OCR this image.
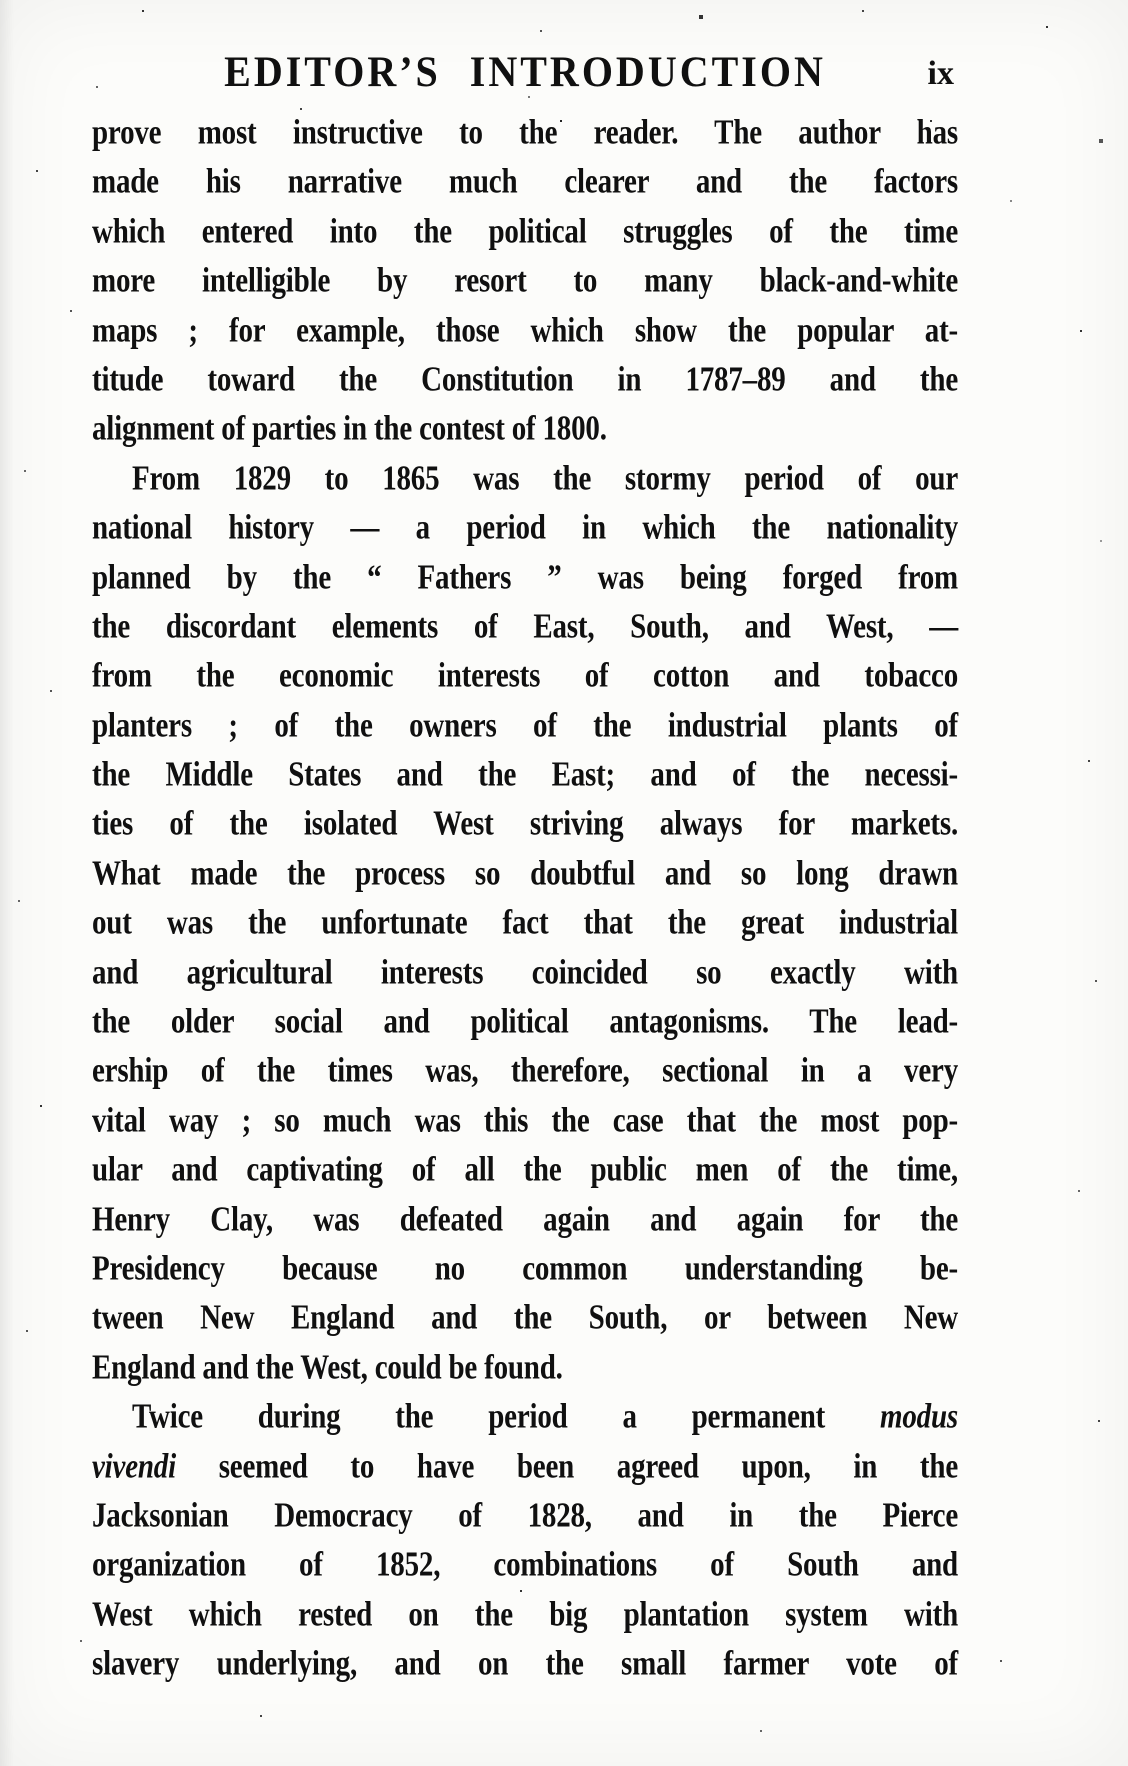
EDITOR’S INTRODUCTION	ix
prove most instructive to the reader. The author has
made his narrative much clearer and the factors
which entered into the political struggles of the time
more intelligible by resort to many black-and-white
maps ; for example, those which show the popular at-
titude toward the Constitution in 1787–89 and the
alignment of parties in the contest of 1800.
From 1829 to 1865 was the stormy period of our
national history — a period in which the nationality
planned by the “ Fathers ” was being forged from
the discordant elements of East, South, and West, —
from the economic interests of cotton and tobacco
planters ; of the owners of the industrial plants of
the Middle States and the East; and of the necessi-
ties of the isolated West striving always for markets.
What made the process so doubtful and so long drawn
out was the unfortunate fact that the great industrial
and agricultural interests coincided so exactly with
the older social and political antagonisms. The lead-
ership of the times was, therefore, sectional in a very
vital way ; so much was this the case that the most pop-
ular and captivating of all the public men of the time,
Henry Clay, was defeated again and again for the
Presidency because no common understanding be-
tween New England and the South, or between New
England and the West, could be found.
Twice during the period a permanent modus
vivendi seemed to have been agreed upon, in the
Jacksonian Democracy of 1828, and in the Pierce
organization of 1852, combinations of South and
West which rested on the big plantation system with
slavery underlying, and on the small farmer vote of
